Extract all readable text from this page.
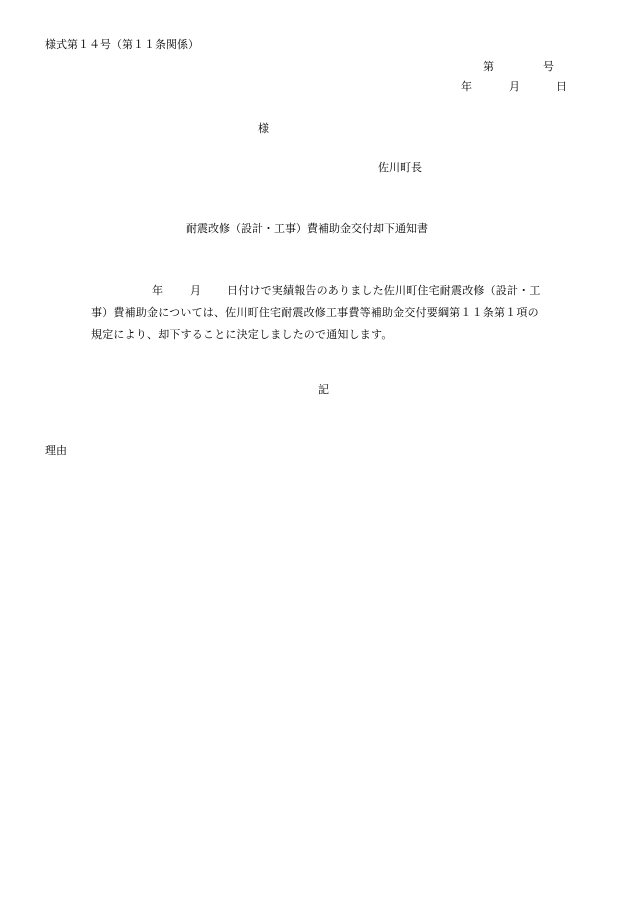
様式第１４号（第１１条関係）
第	号
年	月	日
様
佐川町長
耐震改修（設計・工事）費補助金交付却下通知書
年 月 日付けで実績報告のありました佐川町住宅耐震改修（設計・工
事）費補助金については、佐川町住宅耐震改修工事費等補助金交付要綱第１１条第１項の
規定により、却下することに決定しましたので通知します。
記
理由
